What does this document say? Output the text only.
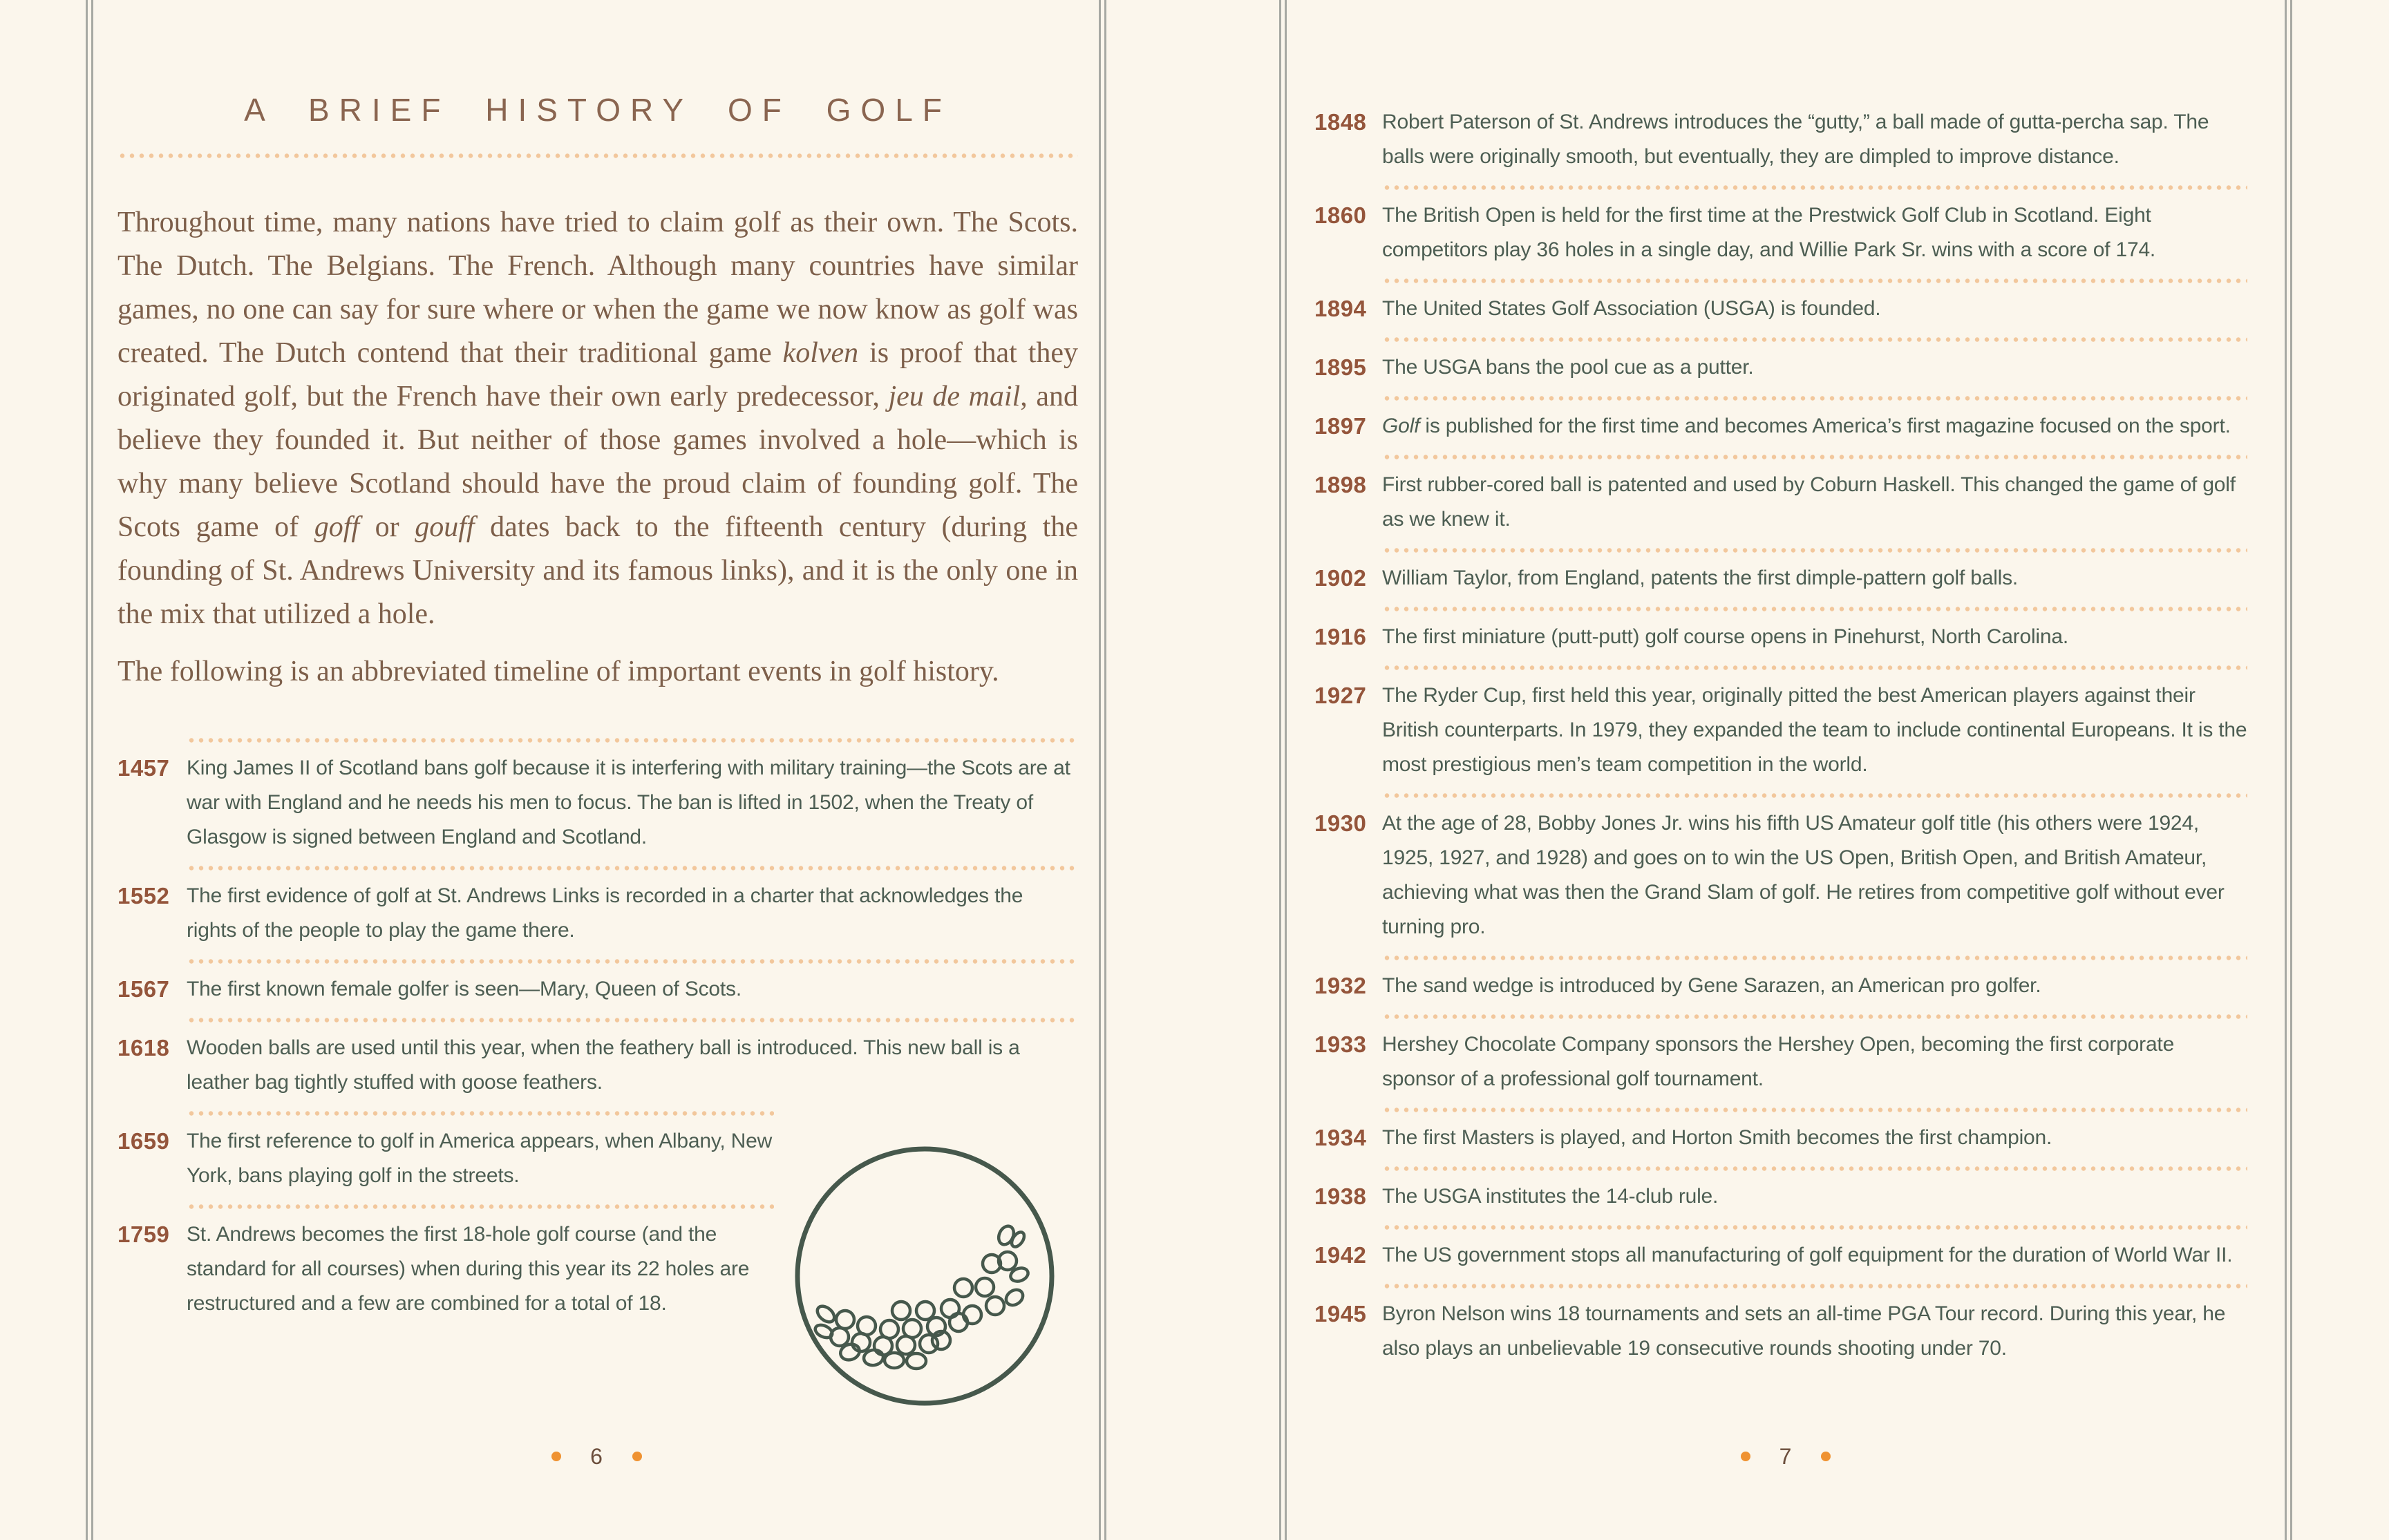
A BRIEF HISTORY OF GOLF

Throughout time, many nations have tried to claim golf as their own. The Scots. The Dutch. The Belgians. The French. Although many countries have similar games, no one can say for sure where or when the game we now know as golf was created. The Dutch contend that their traditional game kolven is proof that they originated golf, but the French have their own early predecessor, jeu de mail, and believe they founded it. But neither of those games involved a hole—which is why many believe Scotland should have the proud claim of founding golf. The Scots game of goff or gouff dates back to the fifteenth century (during the founding of St. Andrews University and its famous links), and it is the only one in the mix that utilized a hole.

The following is an abbreviated timeline of important events in golf history.

1457 King James II of Scotland bans golf because it is interfering with military training—the Scots are at war with England and he needs his men to focus. The ban is lifted in 1502, when the Treaty of Glasgow is signed between England and Scotland.
1552 The first evidence of golf at St. Andrews Links is recorded in a charter that acknowledges the rights of the people to play the game there.
1567 The first known female golfer is seen—Mary, Queen of Scots.
1618 Wooden balls are used until this year, when the feathery ball is introduced. This new ball is a leather bag tightly stuffed with goose feathers.
1659 The first reference to golf in America appears, when Albany, New York, bans playing golf in the streets.
1759 St. Andrews becomes the first 18-hole golf course (and the standard for all courses) when during this year its 22 holes are restructured and a few are combined for a total of 18.
1848 Robert Paterson of St. Andrews introduces the “gutty,” a ball made of gutta-percha sap. The balls were originally smooth, but eventually, they are dimpled to improve distance.
1860 The British Open is held for the first time at the Prestwick Golf Club in Scotland. Eight competitors play 36 holes in a single day, and Willie Park Sr. wins with a score of 174.
1894 The United States Golf Association (USGA) is founded.
1895 The USGA bans the pool cue as a putter.
1897 Golf is published for the first time and becomes America’s first magazine focused on the sport.
1898 First rubber-cored ball is patented and used by Coburn Haskell. This changed the game of golf as we knew it.
1902 William Taylor, from England, patents the first dimple-pattern golf balls.
1916 The first miniature (putt-putt) golf course opens in Pinehurst, North Carolina.
1927 The Ryder Cup, first held this year, originally pitted the best American players against their British counterparts. In 1979, they expanded the team to include continental Europeans. It is the most prestigious men’s team competition in the world.
1930 At the age of 28, Bobby Jones Jr. wins his fifth US Amateur golf title (his others were 1924, 1925, 1927, and 1928) and goes on to win the US Open, British Open, and British Amateur, achieving what was then the Grand Slam of golf. He retires from competitive golf without ever turning pro.
1932 The sand wedge is introduced by Gene Sarazen, an American pro golfer.
1933 Hershey Chocolate Company sponsors the Hershey Open, becoming the first corporate sponsor of a professional golf tournament.
1934 The first Masters is played, and Horton Smith becomes the first champion.
1938 The USGA institutes the 14-club rule.
1942 The US government stops all manufacturing of golf equipment for the duration of World War II.
1945 Byron Nelson wins 18 tournaments and sets an all-time PGA Tour record. During this year, he also plays an unbelievable 19 consecutive rounds shooting under 70.
6	7
